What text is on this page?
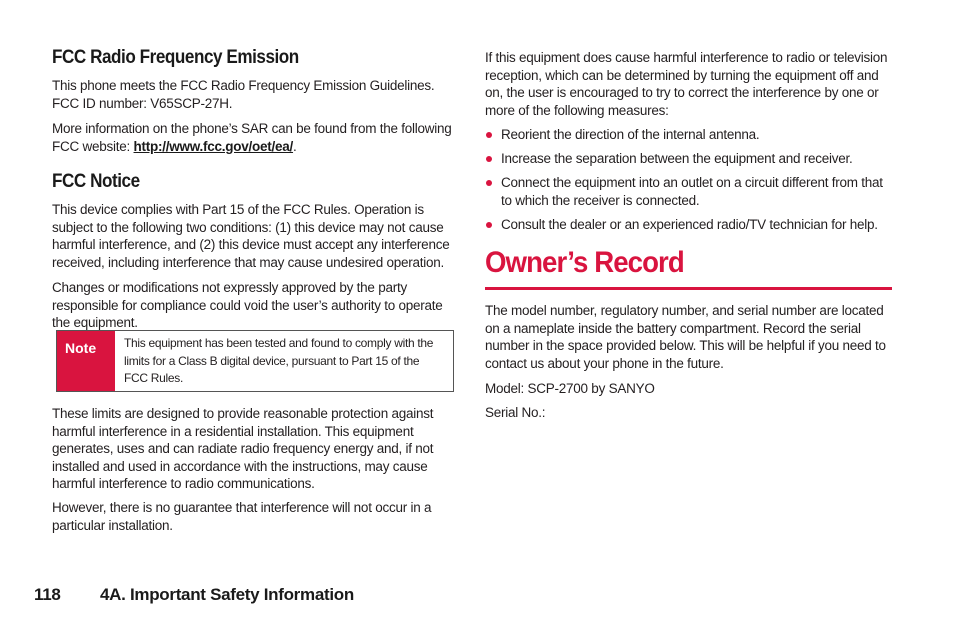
FCC Radio Frequency Emission

This phone meets the FCC Radio Frequency Emission Guidelines.
FCC ID number: V65SCP-27H.

More information on the phone’s SAR can be found from the following FCC website: http://www.fcc.gov/oet/ea/.

FCC Notice

This device complies with Part 15 of the FCC Rules. Operation is subject to the following two conditions: (1) this device may not cause harmful interference, and (2) this device must accept any interference received, including interference that may cause undesired operation.

Changes or modifications not expressly approved by the party responsible for compliance could void the user’s authority to operate the equipment.

Note	This equipment has been tested and found to comply with the limits for a Class B digital device, pursuant to Part 15 of the FCC Rules.

These limits are designed to provide reasonable protection against harmful interference in a residential installation. This equipment generates, uses and can radiate radio frequency energy and, if not installed and used in accordance with the instructions, may cause harmful interference to radio communications.

However, there is no guarantee that interference will not occur in a particular installation.

If this equipment does cause harmful interference to radio or television reception, which can be determined by turning the equipment off and on, the user is encouraged to try to correct the interference by one or more of the following measures:

Reorient the direction of the internal antenna.
Increase the separation between the equipment and receiver.
Connect the equipment into an outlet on a circuit different from that to which the receiver is connected.
Consult the dealer or an experienced radio/TV technician for help.
Owner’s Record

The model number, regulatory number, and serial number are located on a nameplate inside the battery compartment. Record the serial number in the space provided below. This will be helpful if you need to contact us about your phone in the future.

Model: SCP-2700 by SANYO

Serial No.:

118 4A. Important Safety Information
